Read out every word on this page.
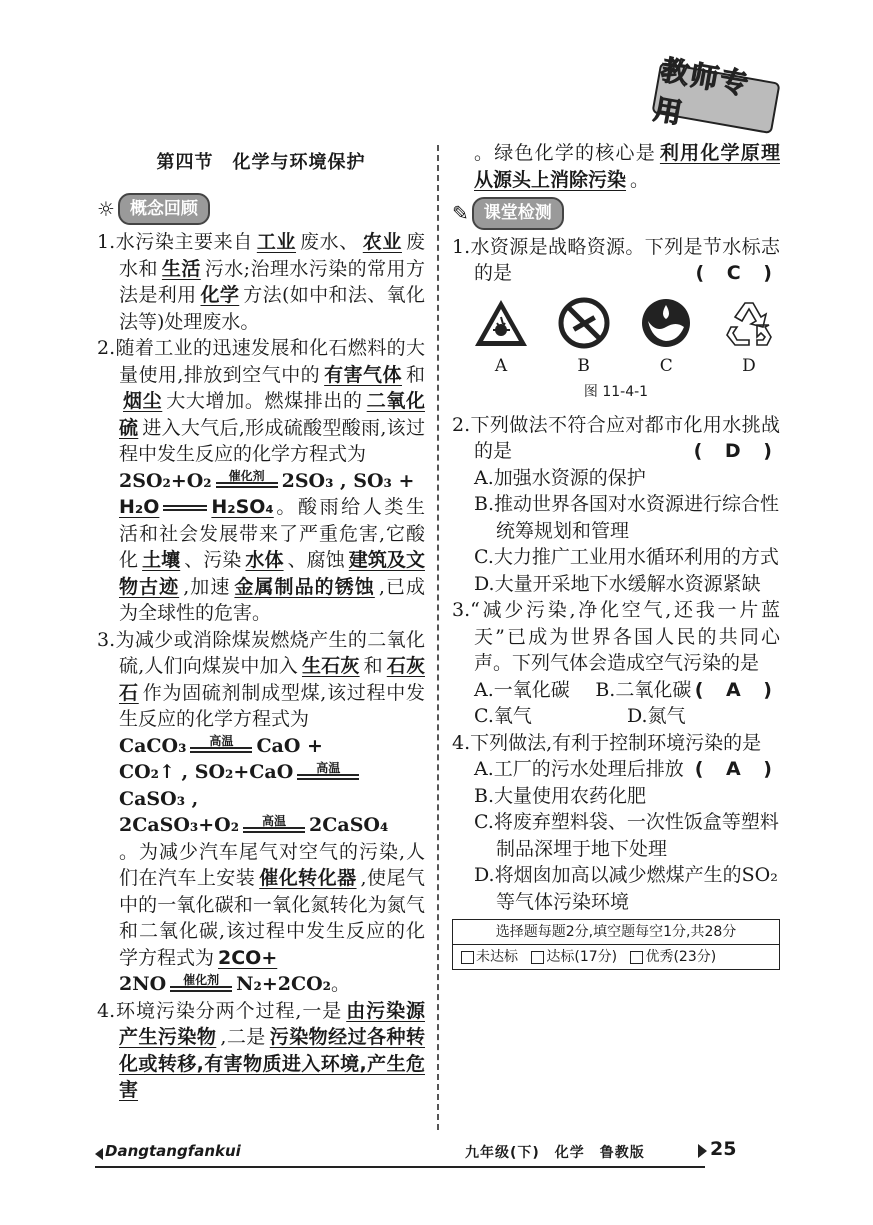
教师专用
第四节　化学与环境保护
☼ 概念回顾

1.水污染主要来自 工业 废水、 农业 废水和 生活 污水;治理水污染的常用方法是利用 化学 方法(如中和法、氧化法等)处理废水。

2.随着工业的迅速发展和化石燃料的大量使用,排放到空气中的 有害气体 和烟尘 大大增加。燃煤排出的 二氧化硫 进入大气后,形成硫酸型酸雨,该过程中发生反应的化学方程式为

2SO₂+O₂	催化剂 2SO₃ , SO₃ +

H₂O	H₂SO₄。酸雨给人类生活和社会发展带来了严重危害,它酸化 土壤 、污染 水体 、腐蚀 建筑及文物古迹 ,加速 金属制品的锈蚀 ,已成为全球性的危害。

3.为减少或消除煤炭燃烧产生的二氧化硫,人们向煤炭中加入 生石灰 和 石灰石 作为固硫剂制成型煤,该过程中发生反应的化学方程式为

CaCO₃	高温	CaO +

CO₂↑ , SO₂+CaO	高温
CaSO₃ ,

2CaSO₃+O₂	高温	2CaSO₄

。为减少汽车尾气对空气的污染,人们在汽车上安装 催化转化器 ,使尾气中的一氧化碳和一氧化氮转化为氮气和二氧化碳,该过程中发生反应的化学方程式为 2CO+

2NO	催化剂 N₂+2CO₂。

4.环境污染分两个过程,一是 由污染源产生污染物 ,二是 污染物经过各种转化或转移,有害物质进入环境,产生危害

。绿色化学的核心是 利用化学原理从源头上消除污染 。

✎ 课堂检测

1.水资源是战略资源。下列是节水标志的是	( C )

A	B	C	D
图 11-4-1

2.下列做法不符合应对都市化用水挑战的是	( D )

A.加强水资源的保护

B.推动世界各国对水资源进行综合性统筹规划和管理

C.大力推广工业用水循环利用的方式

D.大量开采地下水缓解水资源紧缺

3.“减少污染,净化空气,还我一片蓝天”已成为世界各国人民的共同心声。下列气体会造成空气污染的是
( A )

A.一氧化碳	B.二氧化碳

C.氧气	D.氮气

4.下列做法,有利于控制环境污染的是
( A )

A.工厂的污水处理后排放

B.大量使用农药化肥

C.将废弃塑料袋、一次性饭盒等塑料制品深埋于地下处理

D.将烟囱加高以减少燃煤产生的SO₂ 等气体污染环境

选择题每题2分,填空题每空1分,共28分
未达标 达标(17分) 优秀(23分)
Dangtangfankui	九年级(下)　化学　鲁教版	25
